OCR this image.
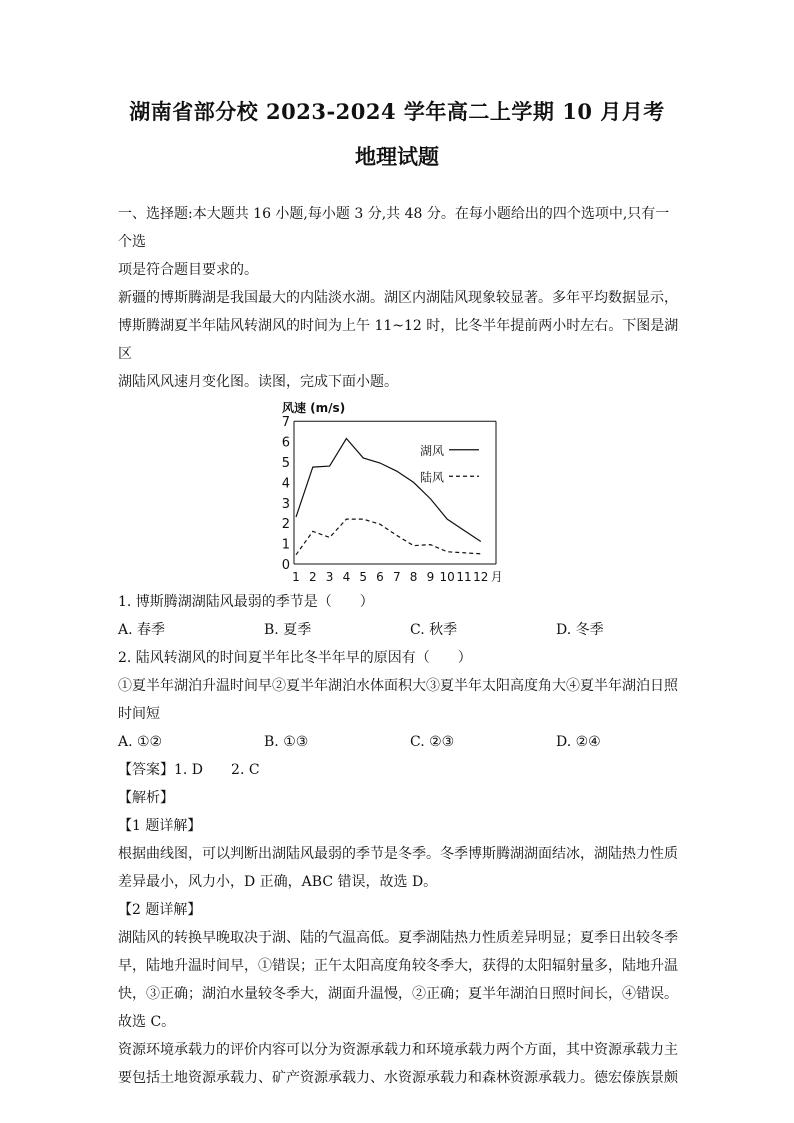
湖南省部分校 2023-2024 学年高二上学期 10 月月考
地理试题

一、选择题:本大题共 16 小题,每小题 3 分,共 48 分。在每小题给出的四个选项中,只有一个选

项是符合题目要求的。

新疆的博斯腾湖是我国最大的内陆淡水湖。湖区内湖陆风现象较显著。多年平均数据显示，

博斯腾湖夏半年陆风转湖风的时间为上午 11~12 时，比冬半年提前两小时左右。下图是湖区

湖陆风风速月变化图。读图，完成下面小题。

0
1
2
3
4
5
6
7
1 2 3 4 5 6 7 8 9 10 11 12 月
风速 (m/s)
湖风
陆风

1. 博斯腾湖湖陆风最弱的季节是（　　）

A. 春季	B. 夏季	C. 秋季	D. 冬季

2. 陆风转湖风的时间夏半年比冬半年早的原因有（　　）

①夏半年湖泊升温时间早②夏半年湖泊水体面积大③夏半年太阳高度角大④夏半年湖泊日照

时间短

A. ①②	B. ①③	C. ②③	D. ②④

【答案】1. D 2. C

【解析】

【1 题详解】

根据曲线图，可以判断出湖陆风最弱的季节是冬季。冬季博斯腾湖湖面结冰，湖陆热力性质

差异最小，风力小，D 正确，ABC 错误，故选 D。

【2 题详解】

湖陆风的转换早晚取决于湖、陆的气温高低。夏季湖陆热力性质差异明显；夏季日出较冬季

早，陆地升温时间早，①错误；正午太阳高度角较冬季大，获得的太阳辐射量多，陆地升温

快，③正确；湖泊水量较冬季大，湖面升温慢，②正确；夏半年湖泊日照时间长，④错误。

故选 C。

资源环境承载力的评价内容可以分为资源承载力和环境承载力两个方面，其中资源承载力主

要包括土地资源承载力、矿产资源承载力、水资源承载力和森林资源承载力。德宏傣族景颇
